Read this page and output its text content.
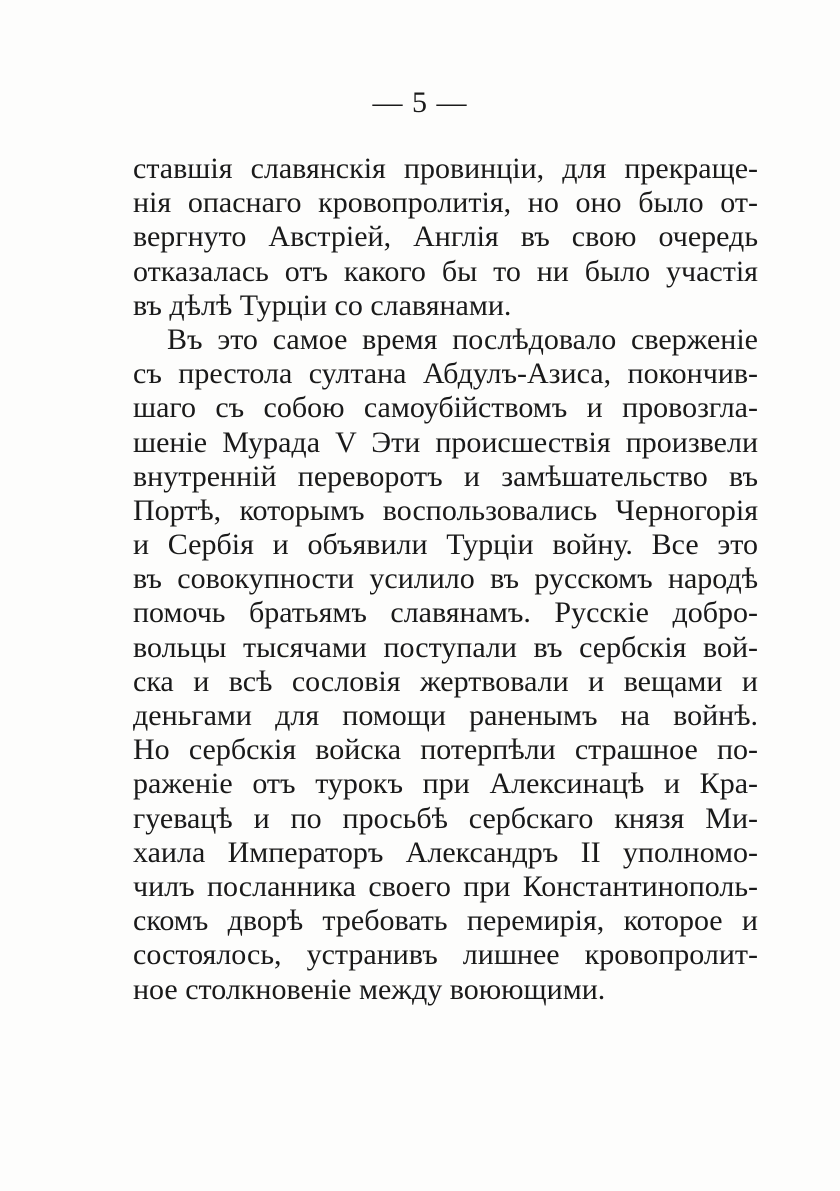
— 5 —
ставшія славянскія провинціи, для прекраще-
нія опаснаго кровопролитія, но оно было от-
вергнуто Австріей, Англія въ свою очередь
отказалась отъ какого бы то ни было участія
въ дѣлѣ Турціи со славянами.
Въ это самое время послѣдовало сверженіе
съ престола султана Абдулъ-Азиса, покончив-
шаго съ собою самоубійствомъ и провозгла-
шеніе Мурада V Эти происшествія произвели
внутренній переворотъ и замѣшательство въ
Портѣ, которымъ воспользовались Черногорія
и Сербія и объявили Турціи войну. Все это
въ совокупности усилило въ русскомъ народѣ
помочь братьямъ славянамъ. Русскіе добро-
вольцы тысячами поступали въ сербскія вой-
ска и всѣ сословія жертвовали и вещами и
деньгами для помощи раненымъ на войнѣ.
Но сербскія войска потерпѣли страшное по-
раженіе отъ турокъ при Алексинацѣ и Кра-
гуевацѣ и по просьбѣ сербскаго князя Ми-
хаила Императоръ Александръ II уполномо-
чилъ посланника своего при Константинополь-
скомъ дворѣ требовать перемирія, которое и
состоялось, устранивъ лишнее кровопролит-
ное столкновеніе между воюющими.
